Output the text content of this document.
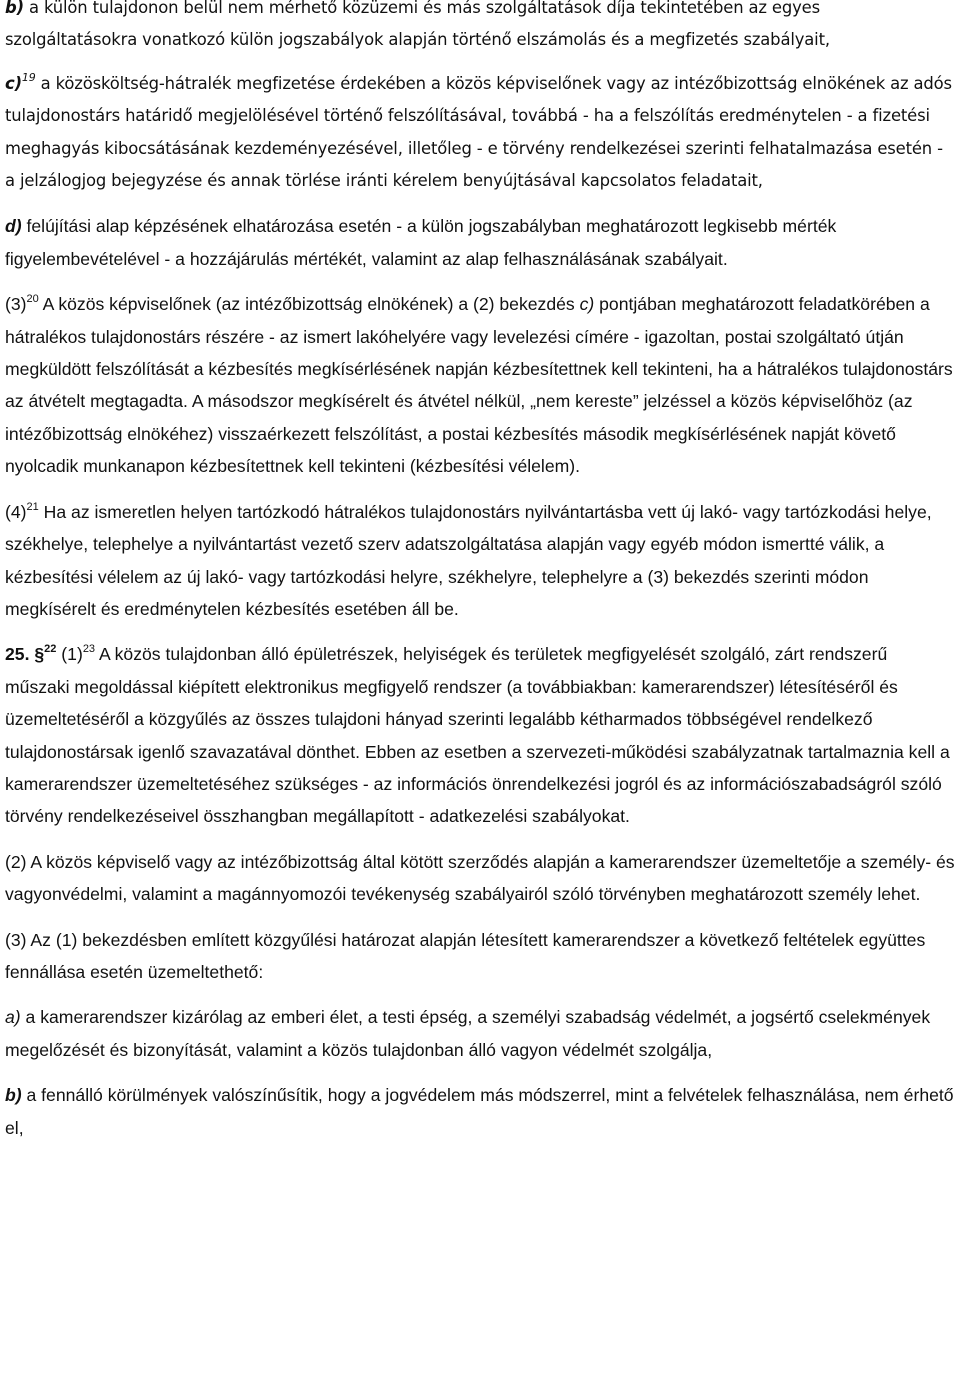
b) a külön tulajdonon belül nem mérhető közüzemi és más szolgáltatások díja tekintetében az egyes szolgáltatásokra vonatkozó külön jogszabályok alapján történő elszámolás és a megfizetés szabályait,

c)$^{19}$ a közösköltség-hátralék megfizetése érdekében a közös képviselőnek vagy az intézőbizottság elnökének az adós tulajdonostárs határidő megjelölésével történő felszólításával, továbbá - ha a felszólítás eredménytelen - a fizetési meghagyás kibocsátásának kezdeményezésével, illetőleg - e törvény rendelkezései szerinti felhatalmazása esetén - a jelzálogjog bejegyzése és annak törlése iránti kérelem benyújtásával kapcsolatos feladatait,

d) felújítási alap képzésének elhatározása esetén - a külön jogszabályban meghatározott legkisebb mérték figyelembevételével - a hozzájárulás mértékét, valamint az alap felhasználásának szabályait.

$(3)^{20}$ A közös képviselőnek (az intézőbizottság elnökének) a (2) bekezdés c) pontjában meghatározott feladatkörében a hátralékos tulajdonostárs részére - az ismert lakóhelyére vagy levelezési címére - igazoltan, postai szolgáltató útján megküldött felszólítását a kézbesítés megkísérlésének napján kézbesítettnek kell tekinteni, ha a hátralékos tulajdonostárs az átvételt megtagadta. A másodszor megkísérelt és átvétel nélkül, „nem kereste” jelzéssel a közös képviselőhöz (az intézőbizottság elnökéhez) visszaérkezett felszólítást, a postai kézbesítés második megkísérlésének napját követő nyolcadik munkanapon kézbesítettnek kell tekinteni (kézbesítési vélelem).

$(4)^{21}$ Ha az ismeretlen helyen tartózkodó hátralékos tulajdonostárs nyilvántartásba vett új lakó- vagy tartózkodási helye, székhelye, telephelye a nyilvántartást vezető szerv adatszolgáltatása alapján vagy egyéb módon ismertté válik, a kézbesítési vélelem az új lakó- vagy tartózkodási helyre, székhelyre, telephelyre a (3) bekezdés szerinti módon megkísérelt és eredménytelen kézbesítés esetében áll be.

25. §$^{22}$ $(1)^{23}$ A közös tulajdonban álló épületrészek, helyiségek és területek megfigyelését szolgáló, zárt rendszerű műszaki megoldással kiépített elektronikus megfigyelő rendszer (a továbbiakban: kamerarendszer) létesítéséről és üzemeltetéséről a közgyűlés az összes tulajdoni hányad szerinti legalább kétharmados többségével rendelkező tulajdonostársak igenlő szavazatával dönthet. Ebben az esetben a szervezeti-működési szabályzatnak tartalmaznia kell a kamerarendszer üzemeltetéséhez szükséges - az információs önrendelkezési jogról és az információszabadságról szóló törvény rendelkezéseivel összhangban megállapított - adatkezelési szabályokat.

(2) A közös képviselő vagy az intézőbizottság által kötött szerződés alapján a kamerarendszer üzemeltetője a személy- és vagyonvédelmi, valamint a magánnyomozói tevékenység szabályairól szóló törvényben meghatározott személy lehet.

(3) Az (1) bekezdésben említett közgyűlési határozat alapján létesített kamerarendszer a következő feltételek együttes fennállása esetén üzemeltethető:

a) a kamerarendszer kizárólag az emberi élet, a testi épség, a személyi szabadság védelmét, a jogsértő cselekmények megelőzését és bizonyítását, valamint a közös tulajdonban álló vagyon védelmét szolgálja,

b) a fennálló körülmények valószínűsítik, hogy a jogvédelem más módszerrel, mint a felvételek felhasználása, nem érhető el,
